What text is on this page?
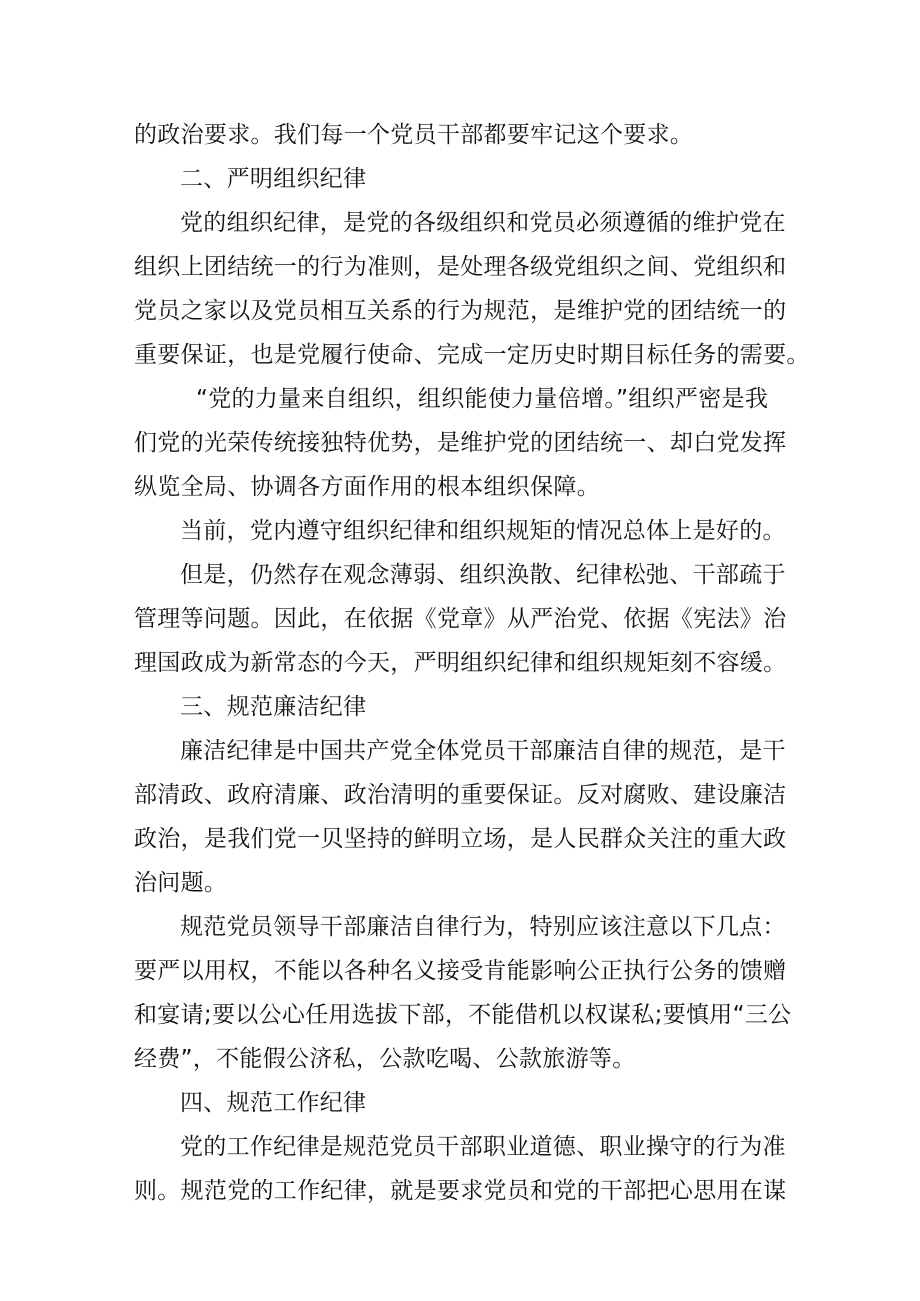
的政治要求。我们每一个党员干部都要牢记这个要求。
二、严明组织纪律
党的组织纪律，是党的各级组织和党员必须遵循的维护党在
组织上团结统一的行为准则，是处理各级党组织之间、党组织和
党员之家以及党员相互关系的行为规范，是维护党的团结统一的
重要保证，也是党履行使命、完成一定历史时期目标任务的需要。
“党的力量来自组织，组织能使力量倍增。”组织严密是我
们党的光荣传统接独特优势，是维护党的团结统一、却白党发挥
纵览全局、协调各方面作用的根本组织保障。
当前，党内遵守组织纪律和组织规矩的情况总体上是好的。
但是，仍然存在观念薄弱、组织涣散、纪律松弛、干部疏于
管理等问题。因此，在依据《党章》从严治党、依据《宪法》治
理国政成为新常态的今天，严明组织纪律和组织规矩刻不容缓。
三、规范廉洁纪律
廉洁纪律是中国共产党全体党员干部廉洁自律的规范，是干
部清政、政府清廉、政治清明的重要保证。反对腐败、建设廉洁
政治，是我们党一贝坚持的鲜明立场，是人民群众关注的重大政
治问题。
规范党员领导干部廉洁自律行为，特别应该注意以下几点：
要严以用权，不能以各种名义接受肯能影响公正执行公务的馈赠
和宴请;要以公心任用选拔下部，不能借机以权谋私;要慎用“三公
经费”，不能假公济私，公款吃喝、公款旅游等。
四、规范工作纪律
党的工作纪律是规范党员干部职业道德、职业操守的行为准
则。规范党的工作纪律，就是要求党员和党的干部把心思用在谋
